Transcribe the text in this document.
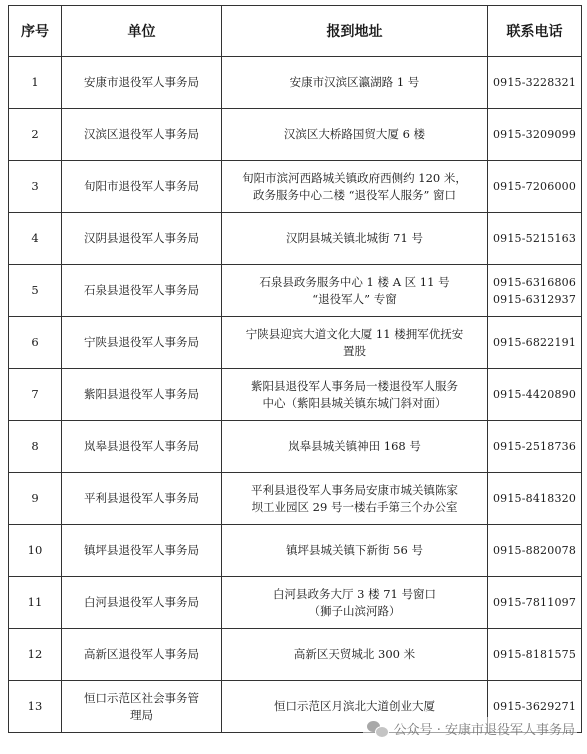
序号	单位	报到地址	联系电话
1	安康市退役军人事务局	安康市汉滨区瀛湖路 1 号	0915-3228321

2	汉滨区退役军人事务局	汉滨区大桥路国贸大厦 6 楼	0915-3209099

3	旬阳市退役军人事务局	旬阳市滨河西路城关镇政府西侧约 120 米，
政务服务中心二楼 “退役军人服务” 窗口	0915-7206000

4	汉阴县退役军人事务局	汉阴县城关镇北城街 71 号	0915-5215163

5	石泉县退役军人事务局	石泉县政务服务中心 1 楼 A 区 11 号
“退役军人” 专窗	0915-6316806
0915-6312937

6	宁陕县退役军人事务局	宁陕县迎宾大道文化大厦 11 楼拥军优抚安
置股	0915-6822191

7	紫阳县退役军人事务局	紫阳县退役军人事务局一楼退役军人服务
中心（紫阳县城关镇东城门斜对面）	0915-4420890

8	岚皋县退役军人事务局	岚皋县城关镇神田 168 号	0915-2518736

9	平利县退役军人事务局	平利县退役军人事务局安康市城关镇陈家
坝工业园区 29 号一楼右手第三个办公室	0915-8418320

10	镇坪县退役军人事务局	镇坪县城关镇下新街 56 号	0915-8820078

11	白河县退役军人事务局	白河县政务大厅 3 楼 71 号窗口
（狮子山滨河路）	0915-7811097

12	高新区退役军人事务局	高新区天贸城北 300 米	0915-8181575

13	恒口示范区社会事务管
理局	恒口示范区月滨北大道创业大厦	0915-3629271
公众号 · 安康市退役军人事务局
